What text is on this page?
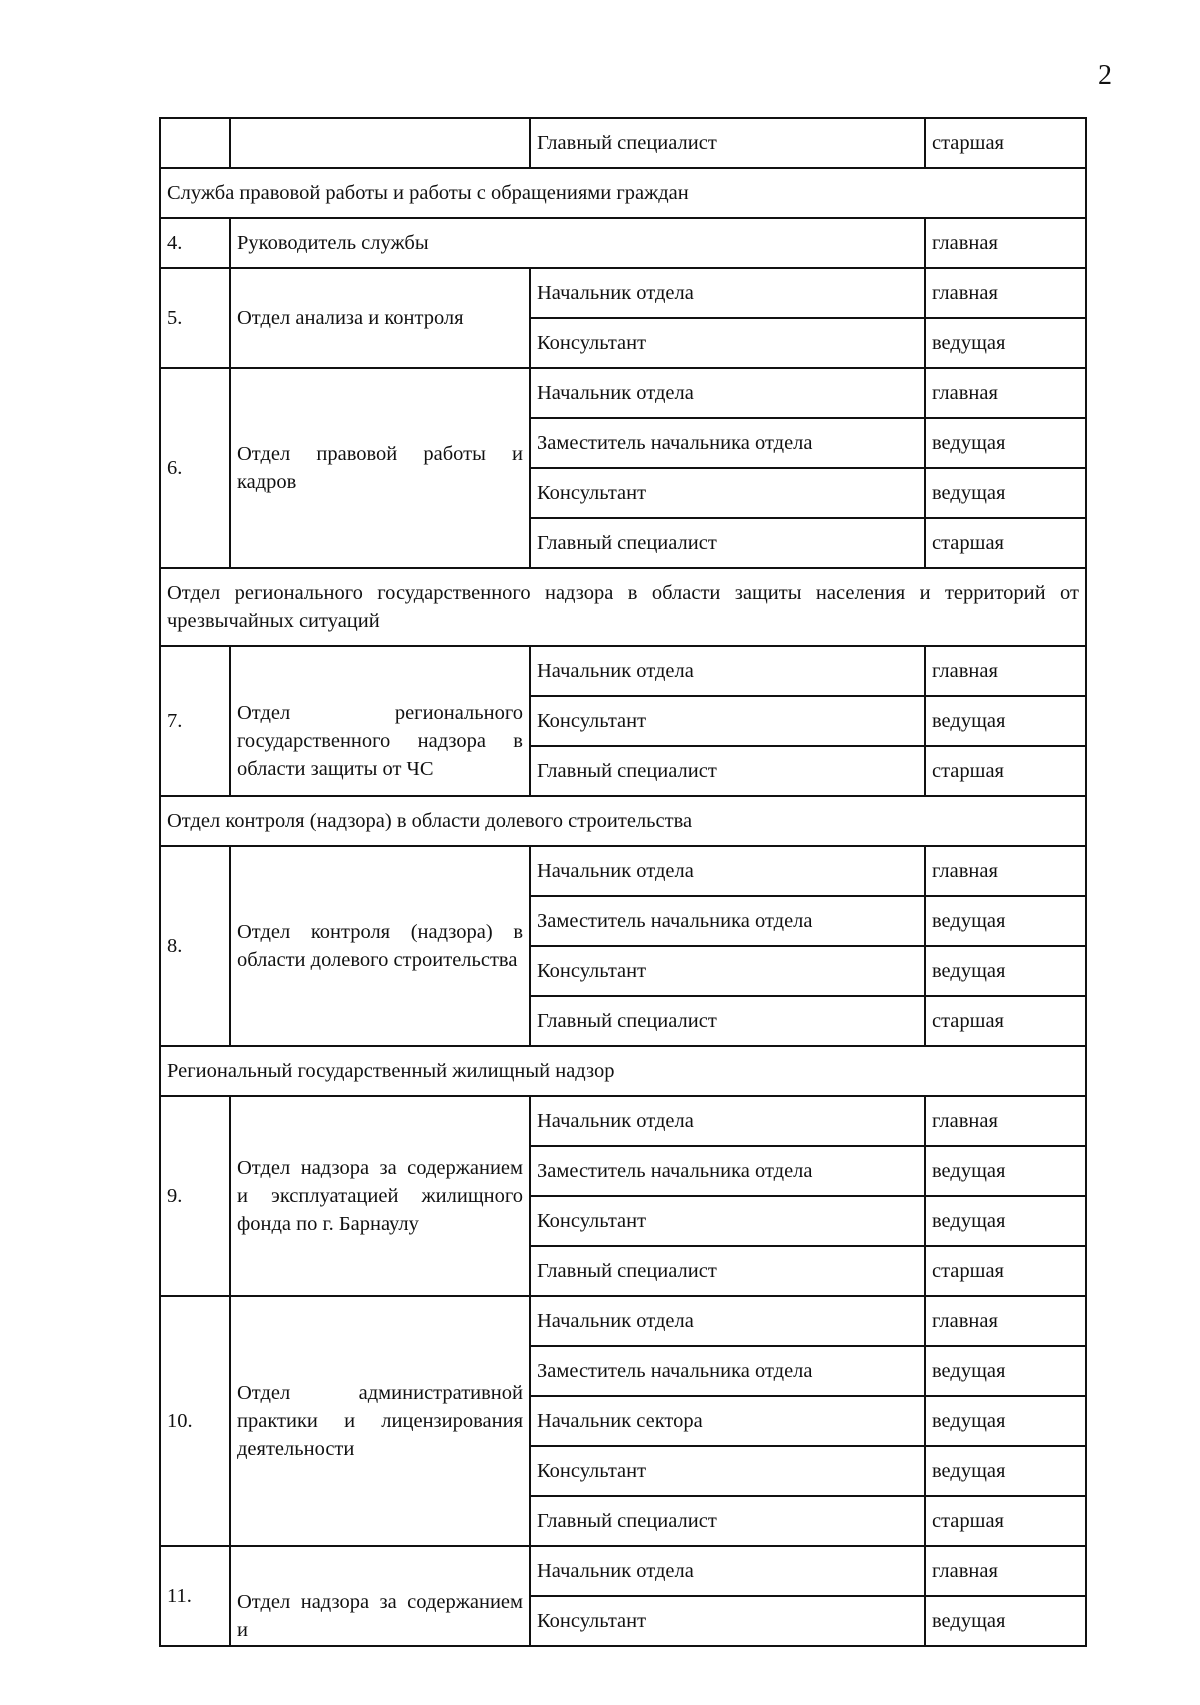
2
		Главный специалист	старшая
Служба правовой работы и работы с обращениями граждан			
4.	Руководитель службы		главная
5.	Отдел анализа и контроля	Начальник отдела	главная
		Консультант	ведущая
6.	Отдел правовой работы и кадров	Начальник отдела	главная
		Заместитель начальника отдела	ведущая
		Консультант	ведущая
		Главный специалист	старшая
Отдел регионального государственного надзора в области защиты населения и территорий от чрезвычайных ситуаций			
7.	Отдел регионального государственного надзора в области защиты от ЧС	Начальник отдела	главная
		Консультант	ведущая
		Главный специалист	старшая
Отдел контроля (надзора) в области долевого строительства			
8.	Отдел контроля (надзора) в области долевого строительства	Начальник отдела	главная
		Заместитель начальника отдела	ведущая
		Консультант	ведущая
		Главный специалист	старшая
Региональный государственный жилищный надзор			
9.	Отдел надзора за содержанием и эксплуатацией жилищного фонда по г. Барнаулу	Начальник отдела	главная
		Заместитель начальника отдела	ведущая
		Консультант	ведущая
		Главный специалист	старшая
10.	Отдел административной практики и лицензирования деятельности	Начальник отдела	главная
		Заместитель начальника отдела	ведущая
		Начальник сектора	ведущая
		Консультант	ведущая
		Главный специалист	старшая
11.	Отдел надзора за содержанием и	Начальник отдела	главная
		Консультант	ведущая
